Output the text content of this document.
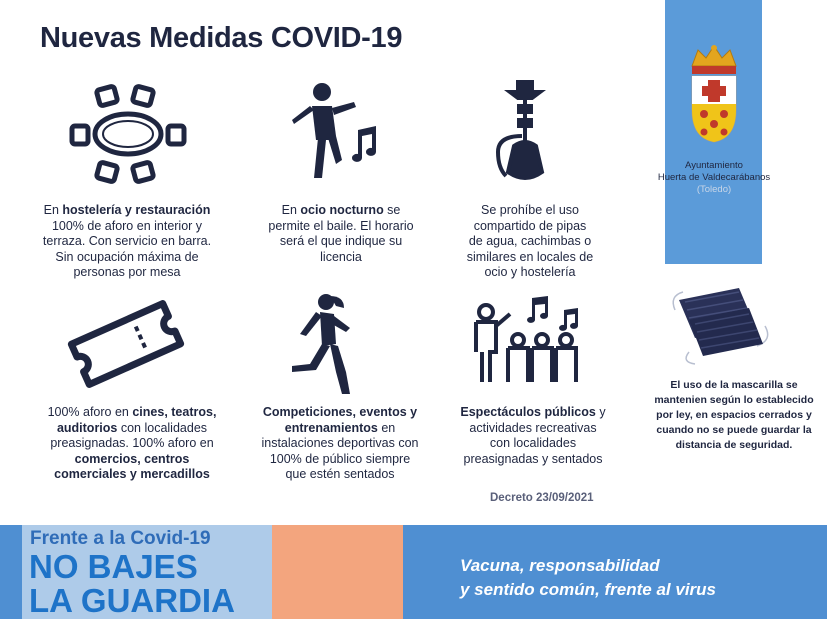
Nuevas Medidas COVID-19
En hostelería y restauración
100% de aforo en interior y
terraza. Con servicio en barra.
Sin ocupación máxima de
personas por mesa
En ocio nocturno se
permite el baile. El horario
será el que indique su
licencia
Se prohíbe el uso
compartido de pipas
de agua, cachimbas o
similares en locales de
ocio y hostelería
100% aforo en cines, teatros,
auditorios con localidades
preasignadas. 100% aforo en
comercios, centros
comerciales y mercadillos
Competiciones, eventos y
entrenamientos en
instalaciones deportivas con
100% de público siempre
que estén sentados
Espectáculos públicos y
actividades recreativas
con localidades
preasignadas y sentados
Decreto 23/09/2021
Ayuntamiento
Huerta de Valdecarábanos
(Toledo)
El uso de la mascarilla se mantenien según lo establecido por ley, en espacios cerrados y cuando no se puede guardar la distancia de seguridad.
Frente a la Covid-19
NO BAJES
LA GUARDIA
Vacuna, responsabilidad
y sentido común, frente al virus
